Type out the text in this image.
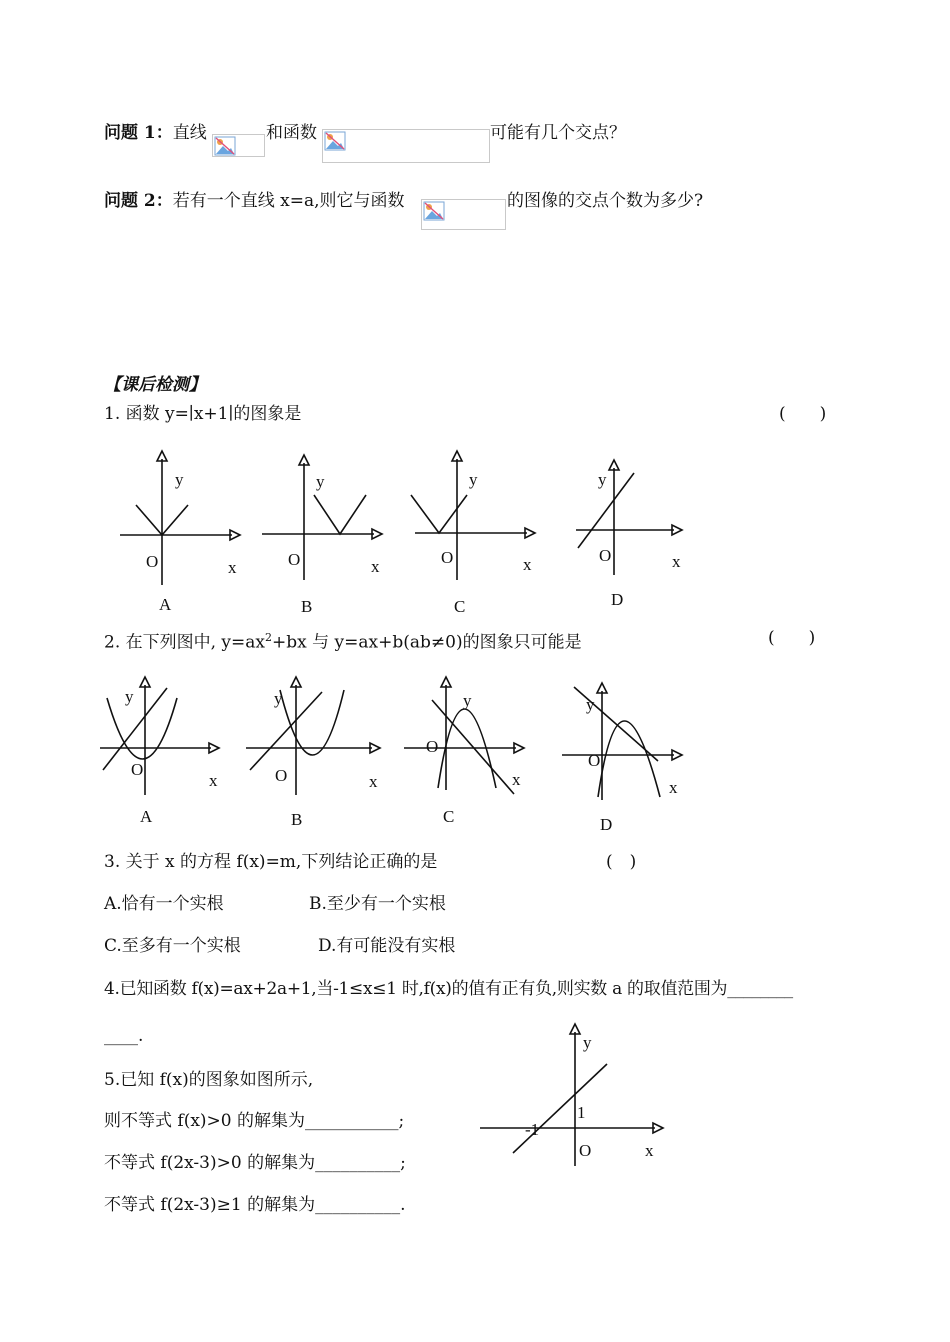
问题 1：直线	和函数	可能有几个交点？
问题 2：若有一个直线 x=a,则它与函数	的图像的交点个数为多少?
【课后检测】
1. 函数 y=∣x+1∣的图象是	(　　)
y
O	x
y
O	x
y
O	x
y
O	x
A	B	C	D
2. 在下列图中, $y=ax^2+bx$ 与 y=ax+b(ab≠0)的图象只可能是	(　　)
y
O
x
y
O	x
y
O
x
y
O
x
A	B	C	D
3. 关于 x 的方程 f(x)=m,下列结论正确的是	(　)
A.恰有一个实根	B.至少有一个实根
C.至多有一个实根	D.有可能没有实根
4.已知函数 f(x)=ax+2a+1,当-1≤x≤1 时,f(x)的值有正有负,则实数 a 的取值范围为________
____.
5.已知 f(x)的图象如图所示,
则不等式 f(x)>0 的解集为___________;
不等式 f(2x-3)>0 的解集为__________;
不等式 f(2x-3)≥1 的解集为__________.
y
1
-1
O	x
